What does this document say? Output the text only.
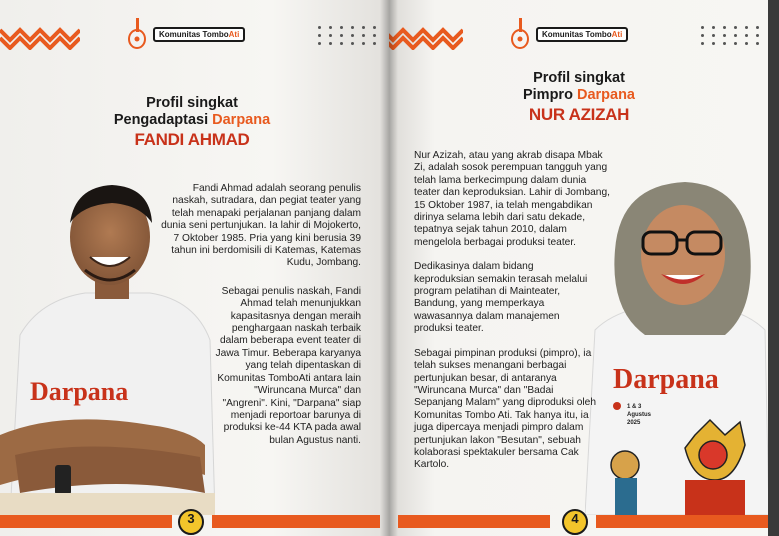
Komunitas TomboAti
Profil singkat
Pengadaptasi Darpana
FANDI AHMAD
Darpana

Fandi Ahmad adalah seorang penulis naskah, sutradara, dan pegiat teater yang telah menapaki perjalanan panjang dalam dunia seni pertunjukan. Ia lahir di Mojokerto, 7 Oktober 1985. Pria yang kini berusia 39 tahun ini berdomisili di Katemas, Katemas Kudu, Jombang.

Sebagai penulis naskah, Fandi Ahmad telah menunjukkan kapasitasnya dengan meraih penghargaan naskah terbaik dalam beberapa event teater di Jawa Timur. Beberapa karyanya yang telah dipentaskan di Komunitas TomboAti antara lain "Wiruncana Murca" dan "Angreni". Kini, "Darpana" siap menjadi reportoar barunya di produksi ke-44 KTA pada awal bulan Agustus nanti.

3
Komunitas TomboAti
Profil singkat
Pimpro Darpana
NUR AZIZAH
Darpana
1 & 3
Agustus
2025

Nur Azizah, atau yang akrab disapa Mbak Zi, adalah sosok perempuan tangguh yang telah lama berkecimpung dalam dunia teater dan keproduksian. Lahir di Jombang, 15 Oktober 1987, ia telah mengabdikan dirinya selama lebih dari satu dekade, tepatnya sejak tahun 2010, dalam mengelola berbagai produksi teater.

Dedikasinya dalam bidang keproduksian semakin terasah melalui program pelatihan di Mainteater, Bandung, yang memperkaya wawasannya dalam manajemen produksi teater.

Sebagai pimpinan produksi (pimpro), ia telah sukses menangani berbagai pertunjukan besar, di antaranya "Wiruncana Murca" dan "Badai Sepanjang Malam" yang diproduksi oleh Komunitas Tombo Ati. Tak hanya itu, ia juga dipercaya menjadi pimpro dalam pertunjukan lakon "Besutan", sebuah kolaborasi spektakuler bersama Cak Kartolo.

4
